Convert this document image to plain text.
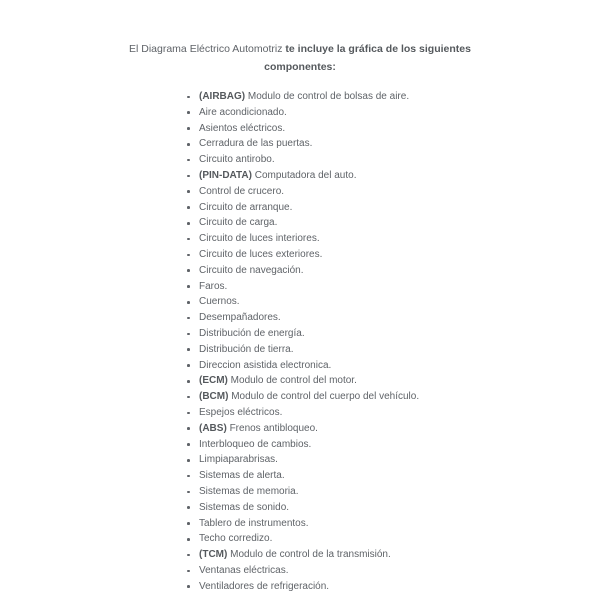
El Diagrama Eléctrico Automotriz te incluye la gráfica de los siguientes
componentes:

(AIRBAG) Modulo de control de bolsas de aire.
Aire acondicionado.
Asientos eléctricos.
Cerradura de las puertas.
Circuito antirobo.
(PIN-DATA) Computadora del auto.
Control de crucero.
Circuito de arranque.
Circuito de carga.
Circuito de luces interiores.
Circuito de luces exteriores.
Circuito de navegación.
Faros.
Cuernos.
Desempañadores.
Distribución de energía.
Distribución de tierra.
Direccion asistida electronica.
(ECM) Modulo de control del motor.
(BCM) Modulo de control del cuerpo del vehículo.
Espejos eléctricos.
(ABS) Frenos antibloqueo.
Interbloqueo de cambios.
Limpiaparabrisas.
Sistemas de alerta.
Sistemas de memoria.
Sistemas de sonido.
Tablero de instrumentos.
Techo corredizo.
(TCM) Modulo de control de la transmisión.
Ventanas eléctricas.
Ventiladores de refrigeración.
